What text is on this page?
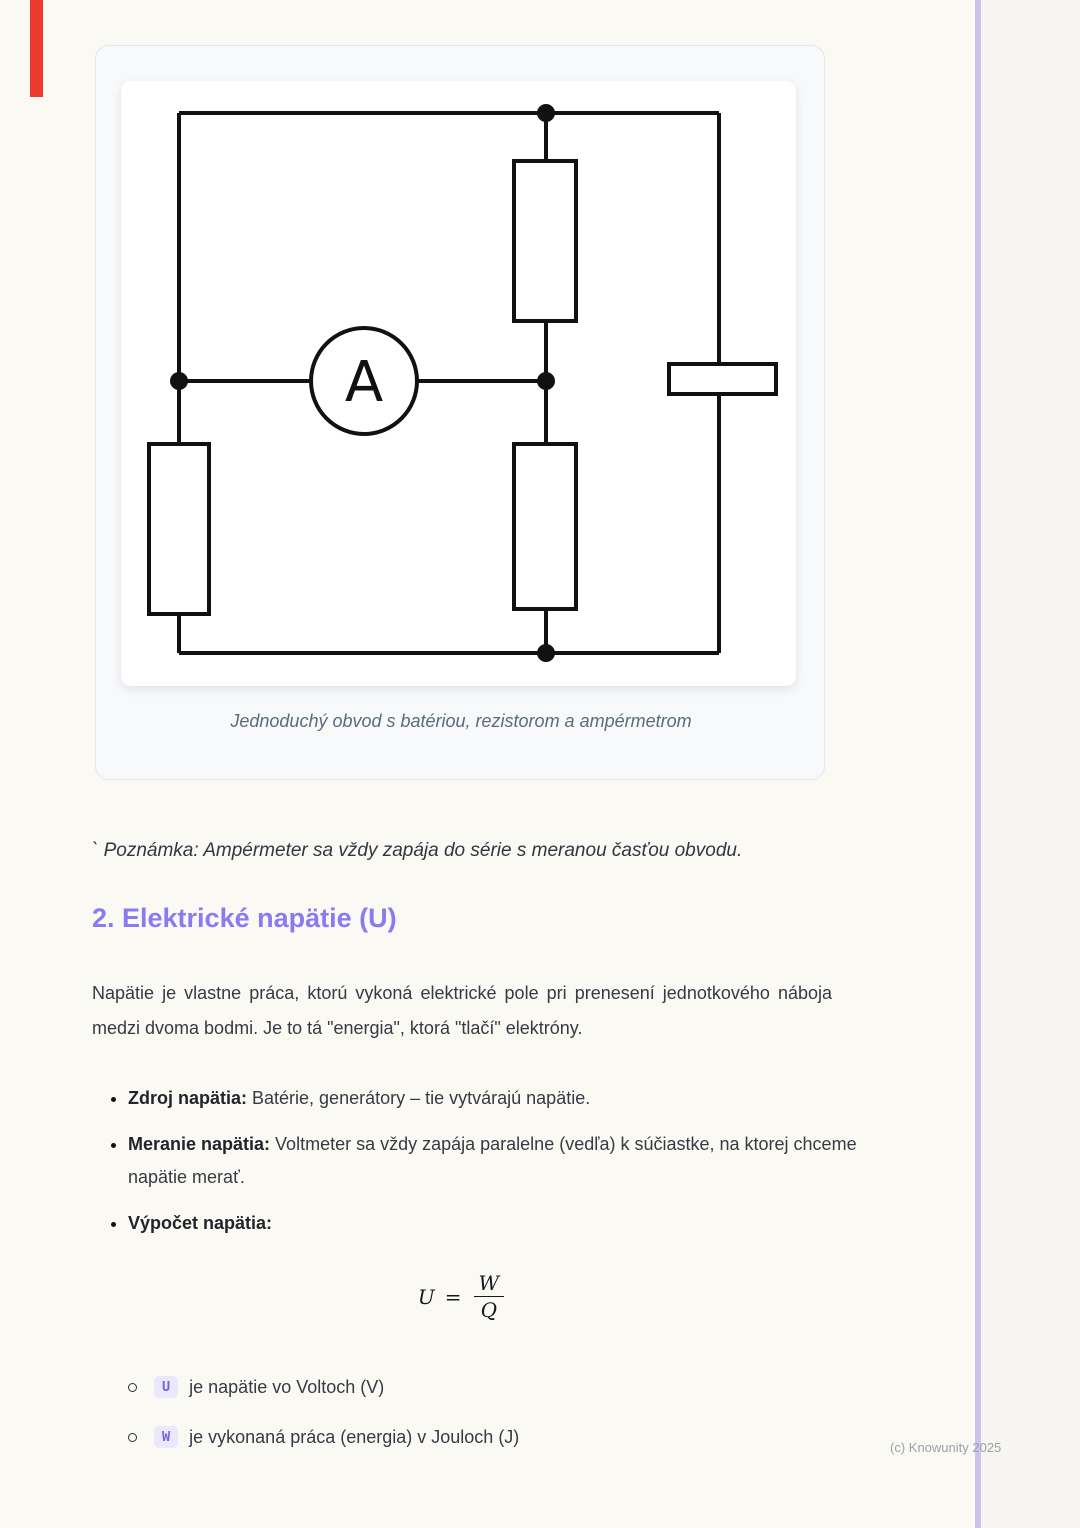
A
Jednoduchý obvod s batériou, rezistorom a ampérmetrom
` Poznámka: Ampérmeter sa vždy zapája do série s meranou časťou obvodu.
2. Elektrické napätie (U)

Napätie je vlastne práca, ktorú vykoná elektrické pole pri prenesení jednotkového náboja medzi dvoma bodmi. Je to tá "energia", ktorá "tlačí" elektróny.

• Zdroj napätia: Batérie, generátory – tie vytvárajú napätie.
• Meranie napätia: Voltmeter sa vždy zapája paralelne (vedľa) k súčiastke, na ktorej chceme napätie merať.
• Výpočet napätia:
$U = \frac{W}{Q}$
U	je napätie vo Voltoch (V)
W	je vykonaná práca (energia) v Jouloch (J)
(c) Knowunity 2025
